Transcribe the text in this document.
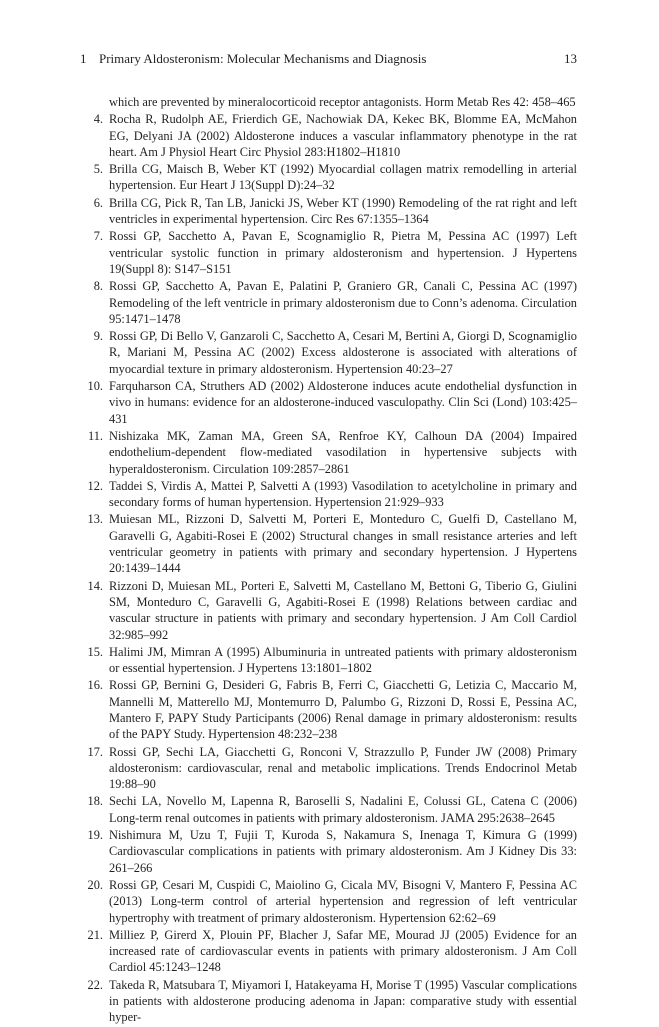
1 Primary Aldosteronism: Molecular Mechanisms and Diagnosis	13
which are prevented by mineralocorticoid receptor antagonists. Horm Metab Res 42: 458–465
4. Rocha R, Rudolph AE, Frierdich GE, Nachowiak DA, Kekec BK, Blomme EA, McMahon EG, Delyani JA (2002) Aldosterone induces a vascular inflammatory phenotype in the rat heart. Am J Physiol Heart Circ Physiol 283:H1802–H1810
5. Brilla CG, Maisch B, Weber KT (1992) Myocardial collagen matrix remodelling in arterial hypertension. Eur Heart J 13(Suppl D):24–32
6. Brilla CG, Pick R, Tan LB, Janicki JS, Weber KT (1990) Remodeling of the rat right and left ventricles in experimental hypertension. Circ Res 67:1355–1364
7. Rossi GP, Sacchetto A, Pavan E, Scognamiglio R, Pietra M, Pessina AC (1997) Left ventricular systolic function in primary aldosteronism and hypertension. J Hypertens 19(Suppl 8): S147–S151
8. Rossi GP, Sacchetto A, Pavan E, Palatini P, Graniero GR, Canali C, Pessina AC (1997) Remodeling of the left ventricle in primary aldosteronism due to Conn’s adenoma. Circulation 95:1471–1478
9. Rossi GP, Di Bello V, Ganzaroli C, Sacchetto A, Cesari M, Bertini A, Giorgi D, Scognamiglio R, Mariani M, Pessina AC (2002) Excess aldosterone is associated with alterations of myocardial texture in primary aldosteronism. Hypertension 40:23–27
10. Farquharson CA, Struthers AD (2002) Aldosterone induces acute endothelial dysfunction in vivo in humans: evidence for an aldosterone-induced vasculopathy. Clin Sci (Lond) 103:425–431
11. Nishizaka MK, Zaman MA, Green SA, Renfroe KY, Calhoun DA (2004) Impaired endothelium-dependent flow-mediated vasodilation in hypertensive subjects with hyperaldosteronism. Circulation 109:2857–2861
12. Taddei S, Virdis A, Mattei P, Salvetti A (1993) Vasodilation to acetylcholine in primary and secondary forms of human hypertension. Hypertension 21:929–933
13. Muiesan ML, Rizzoni D, Salvetti M, Porteri E, Monteduro C, Guelfi D, Castellano M, Garavelli G, Agabiti-Rosei E (2002) Structural changes in small resistance arteries and left ventricular geometry in patients with primary and secondary hypertension. J Hypertens 20:1439–1444
14. Rizzoni D, Muiesan ML, Porteri E, Salvetti M, Castellano M, Bettoni G, Tiberio G, Giulini SM, Monteduro C, Garavelli G, Agabiti-Rosei E (1998) Relations between cardiac and vascular structure in patients with primary and secondary hypertension. J Am Coll Cardiol 32:985–992
15. Halimi JM, Mimran A (1995) Albuminuria in untreated patients with primary aldosteronism or essential hypertension. J Hypertens 13:1801–1802
16. Rossi GP, Bernini G, Desideri G, Fabris B, Ferri C, Giacchetti G, Letizia C, Maccario M, Mannelli M, Matterello MJ, Montemurro D, Palumbo G, Rizzoni D, Rossi E, Pessina AC, Mantero F, PAPY Study Participants (2006) Renal damage in primary aldosteronism: results of the PAPY Study. Hypertension 48:232–238
17. Rossi GP, Sechi LA, Giacchetti G, Ronconi V, Strazzullo P, Funder JW (2008) Primary aldosteronism: cardiovascular, renal and metabolic implications. Trends Endocrinol Metab 19:88–90
18. Sechi LA, Novello M, Lapenna R, Baroselli S, Nadalini E, Colussi GL, Catena C (2006) Long-term renal outcomes in patients with primary aldosteronism. JAMA 295:2638–2645
19. Nishimura M, Uzu T, Fujii T, Kuroda S, Nakamura S, Inenaga T, Kimura G (1999) Cardiovascular complications in patients with primary aldosteronism. Am J Kidney Dis 33: 261–266
20. Rossi GP, Cesari M, Cuspidi C, Maiolino G, Cicala MV, Bisogni V, Mantero F, Pessina AC (2013) Long-term control of arterial hypertension and regression of left ventricular hypertrophy with treatment of primary aldosteronism. Hypertension 62:62–69
21. Milliez P, Girerd X, Plouin PF, Blacher J, Safar ME, Mourad JJ (2005) Evidence for an increased rate of cardiovascular events in patients with primary aldosteronism. J Am Coll Cardiol 45:1243–1248
22. Takeda R, Matsubara T, Miyamori I, Hatakeyama H, Morise T (1995) Vascular complications in patients with aldosterone producing adenoma in Japan: comparative study with essential hyper-
